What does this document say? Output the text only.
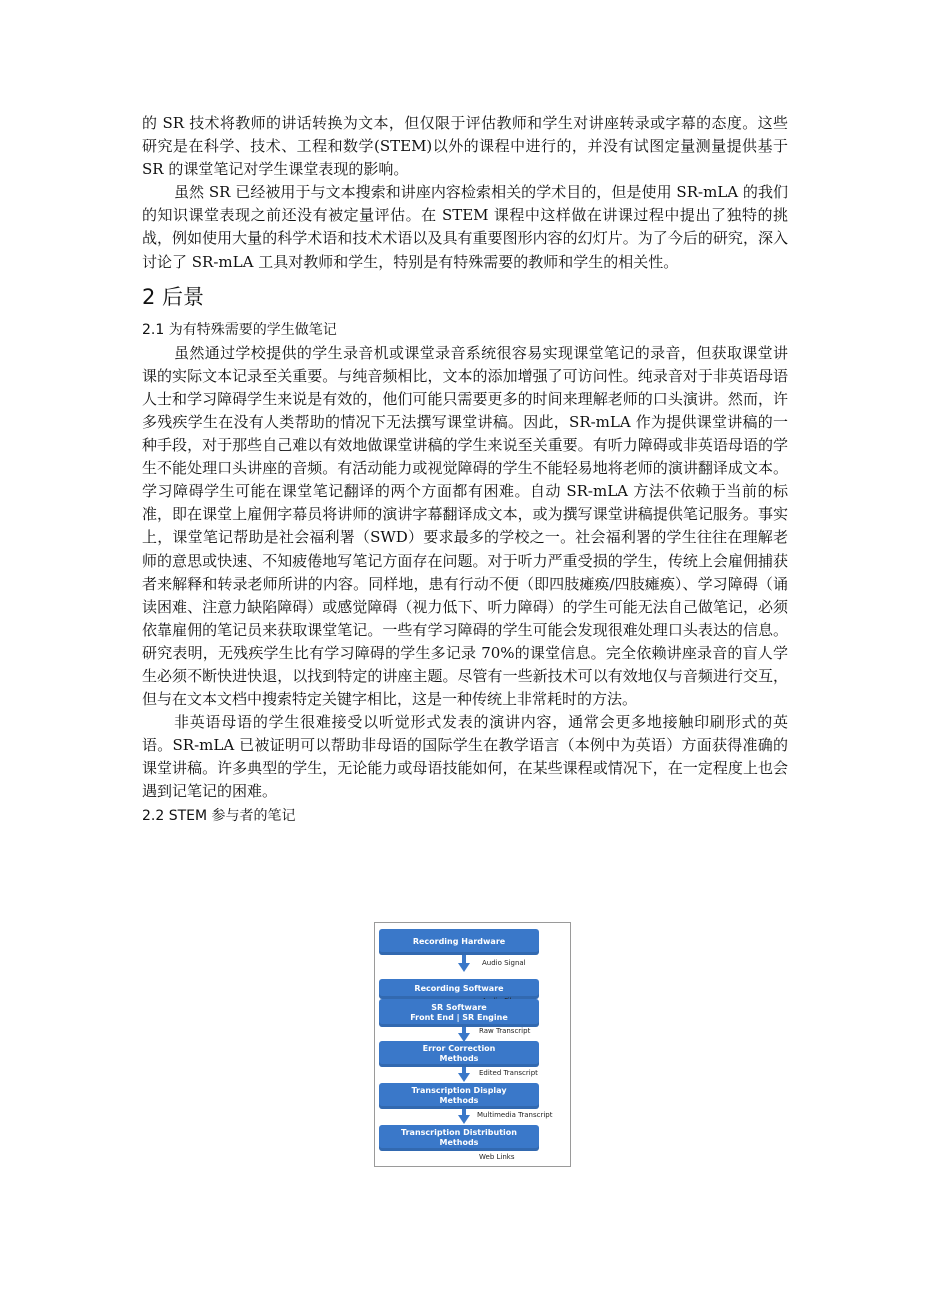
的 SR 技术将教师的讲话转换为文本，但仅限于评估教师和学生对讲座转录或字幕的态度。这些研究是在科学、技术、工程和数学(STEM)以外的课程中进行的，并没有试图定量测量提供基于 SR 的课堂笔记对学生课堂表现的影响。

虽然 SR 已经被用于与文本搜索和讲座内容检索相关的学术目的，但是使用 SR-mLA 的我们的知识课堂表现之前还没有被定量评估。在 STEM 课程中这样做在讲课过程中提出了独特的挑战，例如使用大量的科学术语和技术术语以及具有重要图形内容的幻灯片。为了今后的研究，深入讨论了 SR-mLA 工具对教师和学生，特别是有特殊需要的教师和学生的相关性。

2 后景
2.1 为有特殊需要的学生做笔记

虽然通过学校提供的学生录音机或课堂录音系统很容易实现课堂笔记的录音，但获取课堂讲课的实际文本记录至关重要。与纯音频相比，文本的添加增强了可访问性。纯录音对于非英语母语人士和学习障碍学生来说是有效的，他们可能只需要更多的时间来理解老师的口头演讲。然而，许多残疾学生在没有人类帮助的情况下无法撰写课堂讲稿。因此，SR-mLA 作为提供课堂讲稿的一种手段，对于那些自己难以有效地做课堂讲稿的学生来说至关重要。有听力障碍或非英语母语的学生不能处理口头讲座的音频。有活动能力或视觉障碍的学生不能轻易地将老师的演讲翻译成文本。学习障碍学生可能在课堂笔记翻译的两个方面都有困难。自动 SR-mLA 方法不依赖于当前的标准，即在课堂上雇佣字幕员将讲师的演讲字幕翻译成文本，或为撰写课堂讲稿提供笔记服务。事实上，课堂笔记帮助是社会福利署（SWD）要求最多的学校之一。社会福利署的学生往往在理解老师的意思或快速、不知疲倦地写笔记方面存在问题。对于听力严重受损的学生，传统上会雇佣捕获者来解释和转录老师所讲的内容。同样地，患有行动不便（即四肢瘫痪/四肢瘫痪）、学习障碍（诵读困难、注意力缺陷障碍）或感觉障碍（视力低下、听力障碍）的学生可能无法自己做笔记，必须依靠雇佣的笔记员来获取课堂笔记。一些有学习障碍的学生可能会发现很难处理口头表达的信息。研究表明，无残疾学生比有学习障碍的学生多记录 70%的课堂信息。完全依赖讲座录音的盲人学生必须不断快进快退，以找到特定的讲座主题。尽管有一些新技术可以有效地仅与音频进行交互，但与在文本文档中搜索特定关键字相比，这是一种传统上非常耗时的方法。

非英语母语的学生很难接受以听觉形式发表的演讲内容，通常会更多地接触印刷形式的英语。SR-mLA 已被证明可以帮助非母语的国际学生在教学语言（本例中为英语）方面获得准确的课堂讲稿。许多典型的学生，无论能力或母语技能如何，在某些课程或情况下，在一定程度上也会遇到记笔记的困难。

2.2 STEM 参与者的笔记
Recording Hardware
Audio Signal
Recording Software
SR Software
Front End | SR Engine
Raw Transcript
Error Correction
Methods
Edited Transcript
Transcription Display
Methods
Multimedia Transcript
Transcription Distribution
Methods
Web Links
